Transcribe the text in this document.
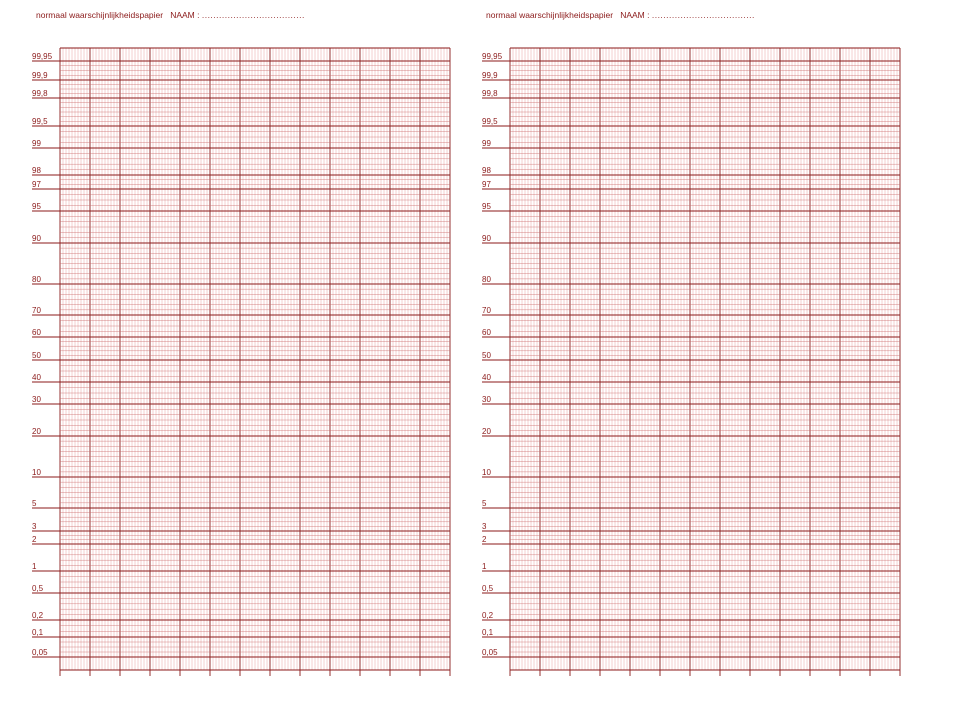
normaal waarschijnlijkheidspapier NAAM : ....................................
99,95
99,9
99,8
99,5
99
98
97
95
90
80
70
60
50
40
30
20
10
5
3
2
1
0,5
0,2
0,1
0,05
normaal waarschijnlijkheidspapier NAAM : ....................................
99,95
99,9
99,8
99,5
99
98
97
95
90
80
70
60
50
40
30
20
10
5
3
2
1
0,5
0,2
0,1
0,05
